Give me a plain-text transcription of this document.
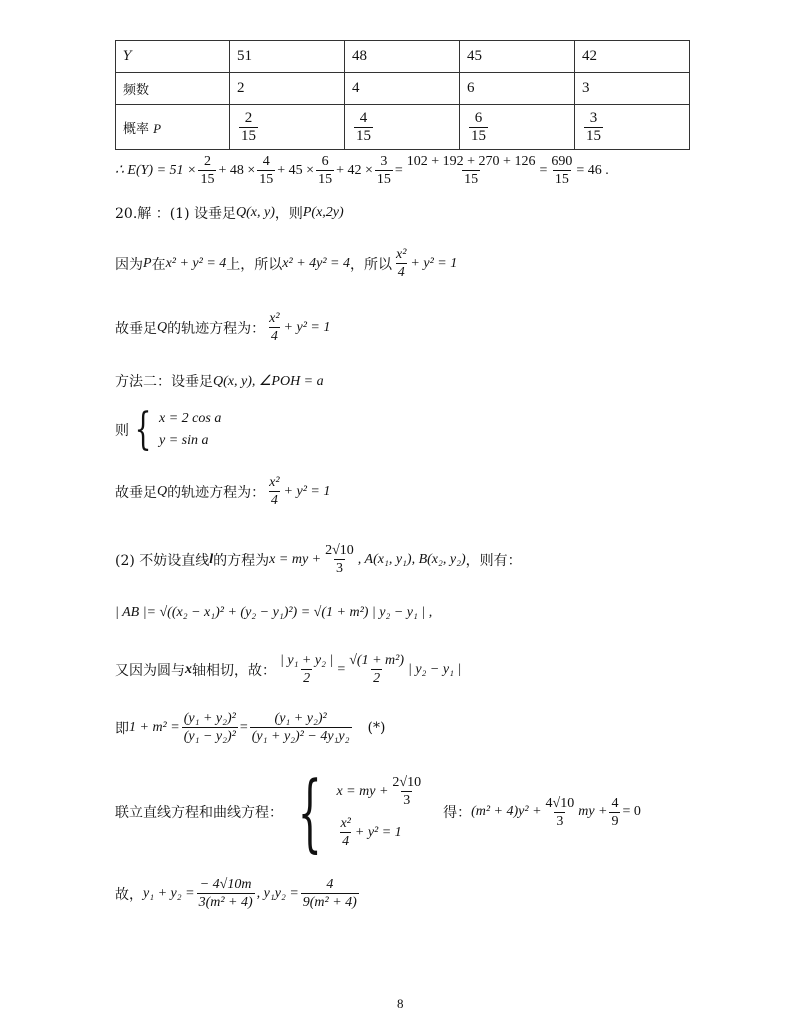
Y	51	48	45	42
频数	2	4	6	3
概率 P	$\frac{2}{15}$	$\frac{4}{15}$	$\frac{6}{15}$	$\frac{3}{15}$
∴ $E(Y) = 51 \times \frac{2}{15} + 48 \times \frac{4}{15} + 45 \times \frac{6}{15} + 42 \times \frac{3}{15} = \frac{102 + 192 + 270 + 126}{15} = \frac{690}{15} = 46$ .
20.解 ：(1) 设垂足 Q(x, y) ，则 P(x,2y)
因为 P 在 x² + y² = 4 上，所以 x² + 4y² = 4 ，所以 $\frac{\text{x²}}{4} + y^2 = 1$
故垂足 Q 的轨迹方程为： $\frac{\text{x²}}{4} + y^2 = 1$
方法二：设垂足 Q(x, y), ∠POH = a
则 { x = 2 cos a
y = sin a
故垂足 Q 的轨迹方程为： $\frac{\text{x²}}{4} + y^2 = 1$
(2) 不妨设直线 l 的方程为 x = my + $\frac{2√10}{3}$ , A(x₁, y₁), B(x₂, y₂) ，则有：
| AB |= √((x₂ − x₁)² + (y₂ − y₁)²) = √(1 + m²) | y₂ − y₁ | ,
又因为圆与 x 轴相切，故： $\frac{\text{| y₁ + y₂ |}}{2} = \frac{\text{√(1 + m²)}}{2}$ | y₂ − y₁ |
即 $1 + m^2 = \frac{\text{(y₁ + y₂)²}}{\text{(y₁ − y₂)²}} = \frac{\text{(y₁ + y₂)²}}{\text{(y₁ + y₂)² − 4y₁y₂}}$ (*)
联立直线方程和曲线方程： { x = my + $\frac{2√10}{3}$
$\frac{\text{x²}}{4} + y^2 = 1$
得： $(m^2 + 4)y^2 + \frac{4√10}{3}$ my + $\frac{4}{9} = 0$
故， $y_1 + y_2 = \frac{- 4√10m}{\text{3(m² + 4)}}$ , $y_1y_2 = \frac{4}{\text{9(m² + 4)}}$
8
